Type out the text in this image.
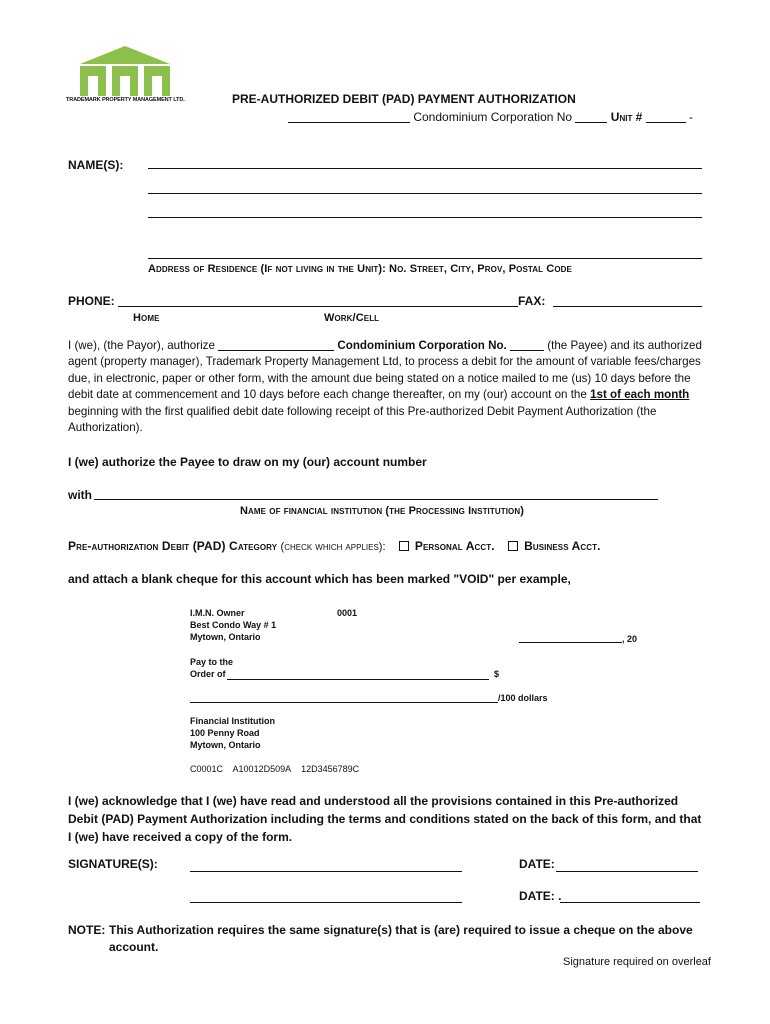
TRADEMARK PROPERTY MANAGEMENT LTD.	PRE-AUTHORIZED DEBIT (PAD) PAYMENT AUTHORIZATION
Condominium Corporation No	Unit #	-
NAME(S):
Address of Residence (If not living in the Unit): No. Street, City, Prov, Postal Code
PHONE:	FAX:
Home	Work/Cell
I (we), (the Payor), authorize	Condominium Corporation No.	(the Payee) and its authorized agent (property manager), Trademark Property Management Ltd, to process a debit for the amount of variable fees/charges due, in electronic, paper or other form, with the amount due being stated on a notice mailed to me (us) 10 days before the debit date at commencement and 10 days before each change thereafter, on my (our) account on the 1st of each month beginning with the first qualified debit date following receipt of this Pre-authorized Debit Payment Authorization (the Authorization).
I (we) authorize the Payee to draw on my (our) account number
with
Name of financial institution (the Processing Institution)
Pre-authorization Debit (PAD) Category (check which applies): Personal Acct. Business Acct.
and attach a blank cheque for this account which has been marked "VOID" per example,
I.M.N. Owner
Best Condo Way # 1
Mytown, Ontario
0001
, 20
Pay to the
Order of	$
/100 dollars
Financial Institution
100 Penny Road
Mytown, Ontario
C0001C A10012D509A 12D3456789C
I (we) acknowledge that I (we) have read and understood all the provisions contained in this Pre-authorized Debit (PAD) Payment Authorization including the terms and conditions stated on the back of this form, and that I (we) have received a copy of the form.
SIGNATURE(S):	DATE:
DATE: .
NOTE: This Authorization requires the same signature(s) that is (are) required to issue a cheque on the above
account.
Signature required on overleaf
